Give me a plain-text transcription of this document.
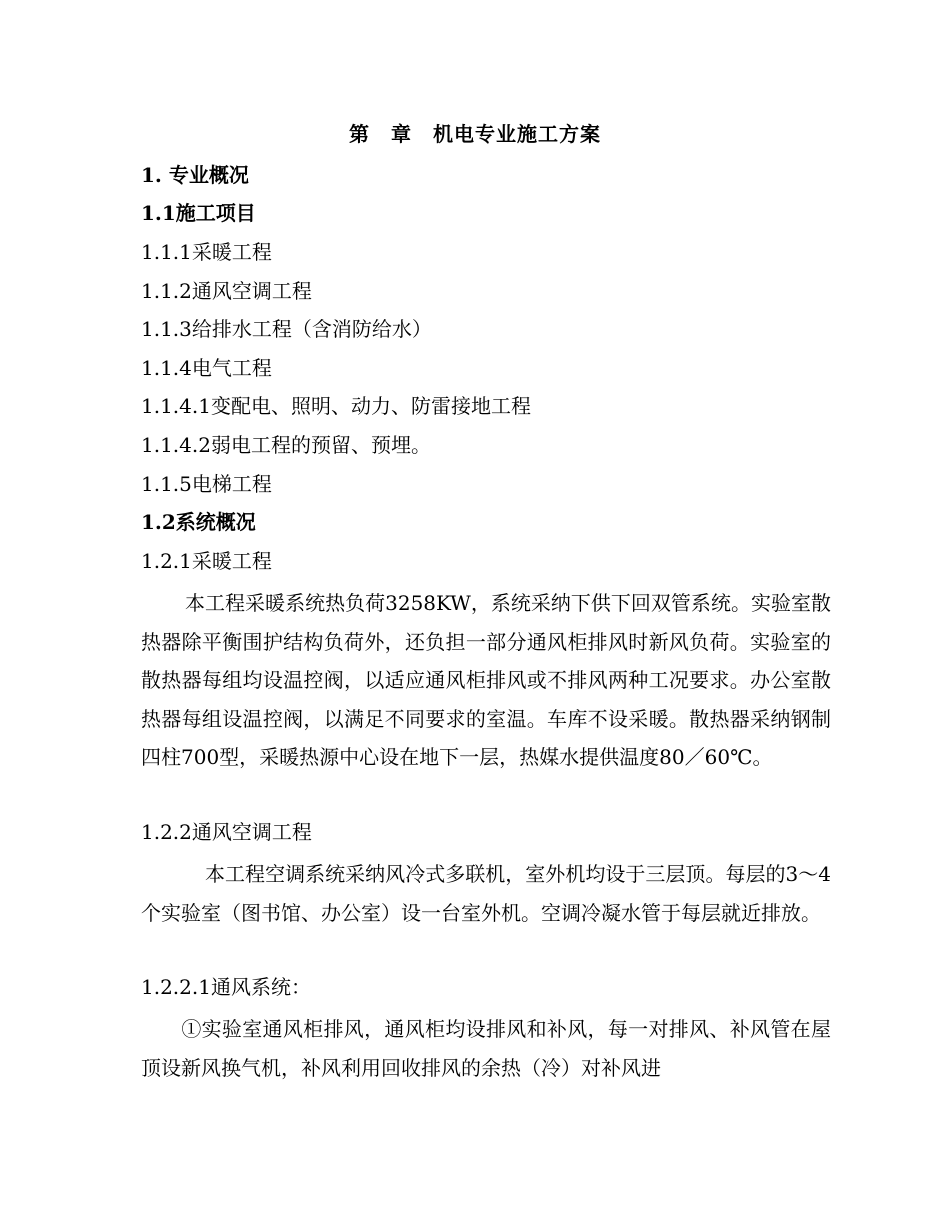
第　章　机电专业施工方案
1. 专业概况
1.1施工项目
1.1.1采暖工程
1.1.2通风空调工程
1.1.3给排水工程（含消防给水）
1.1.4电气工程
1.1.4.1变配电、照明、动力、防雷接地工程
1.1.4.2弱电工程的预留、预埋。
1.1.5电梯工程
1.2系统概况
1.2.1采暖工程
本工程采暖系统热负荷3258KW，系统采纳下供下回双管系统。实验室散热器除平衡围护结构负荷外，还负担一部分通风柜排风时新风负荷。实验室的散热器每组均设温控阀，以适应通风柜排风或不排风两种工况要求。办公室散热器每组设温控阀，以满足不同要求的室温。车库不设采暖。散热器采纳钢制四柱700型，采暖热源中心设在地下一层，热媒水提供温度80／60℃。
1.2.2通风空调工程
本工程空调系统采纳风冷式多联机，室外机均设于三层顶。每层的3～4个实验室（图书馆、办公室）设一台室外机。空调冷凝水管于每层就近排放。
1.2.2.1通风系统：
①实验室通风柜排风，通风柜均设排风和补风，每一对排风、补风管在屋顶设新风换气机，补风利用回收排风的余热（冷）对补风进
